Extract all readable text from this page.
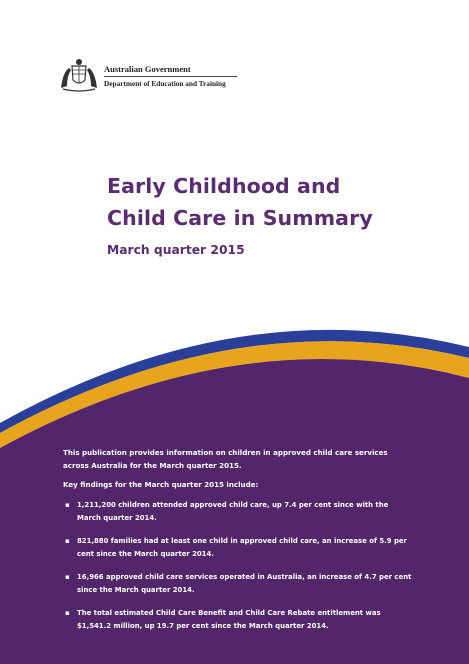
Australian Government
Department of Education and Training
Early Childhood and
Child Care in Summary
March quarter 2015

This publication provides information on children in approved child care services across Australia for the March quarter 2015.

Key findings for the March quarter 2015 include:

▪ 1,211,200 children attended approved child care, up 7.4 per cent since with the March quarter 2014.
▪ 821,880 families had at least one child in approved child care, an increase of 5.9 per cent since the March quarter 2014.
▪ 16,966 approved child care services operated in Australia, an increase of 4.7 per cent since the March quarter 2014.
▪ The total estimated Child Care Benefit and Child Care Rebate entitlement was $1,541.2 million, up 19.7 per cent since the March quarter 2014.
